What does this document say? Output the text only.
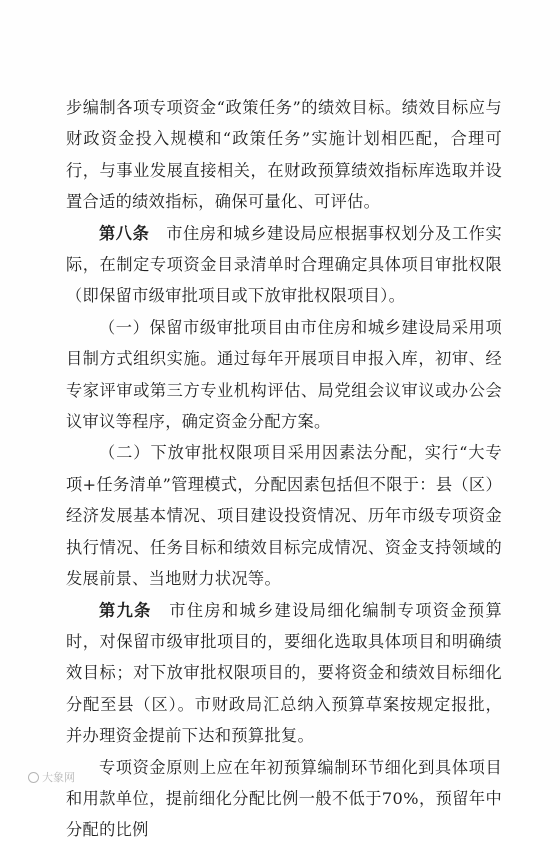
步编制各项专项资金“政策任务”的绩效目标。绩效目标应与财政资金投入规模和“政策任务”实施计划相匹配，合理可行，与事业发展直接相关，在财政预算绩效指标库选取并设置合适的绩效指标，确保可量化、可评估。

第八条　市住房和城乡建设局应根据事权划分及工作实际，在制定专项资金目录清单时合理确定具体项目审批权限（即保留市级审批项目或下放审批权限项目）。

（一）保留市级审批项目由市住房和城乡建设局采用项目制方式组织实施。通过每年开展项目申报入库，初审、经专家评审或第三方专业机构评估、局党组会议审议或办公会议审议等程序，确定资金分配方案。

（二）下放审批权限项目采用因素法分配，实行“大专项+任务清单”管理模式，分配因素包括但不限于：县（区）经济发展基本情况、项目建设投资情况、历年市级专项资金执行情况、任务目标和绩效目标完成情况、资金支持领域的发展前景、当地财力状况等。

第九条　市住房和城乡建设局细化编制专项资金预算时，对保留市级审批项目的，要细化选取具体项目和明确绩效目标；对下放审批权限项目的，要将资金和绩效目标细化分配至县（区）。市财政局汇总纳入预算草案按规定报批，并办理资金提前下达和预算批复。

专项资金原则上应在年初预算编制环节细化到具体项目和用款单位，提前细化分配比例一般不低于70%，预留年中分配的比例

大象网
